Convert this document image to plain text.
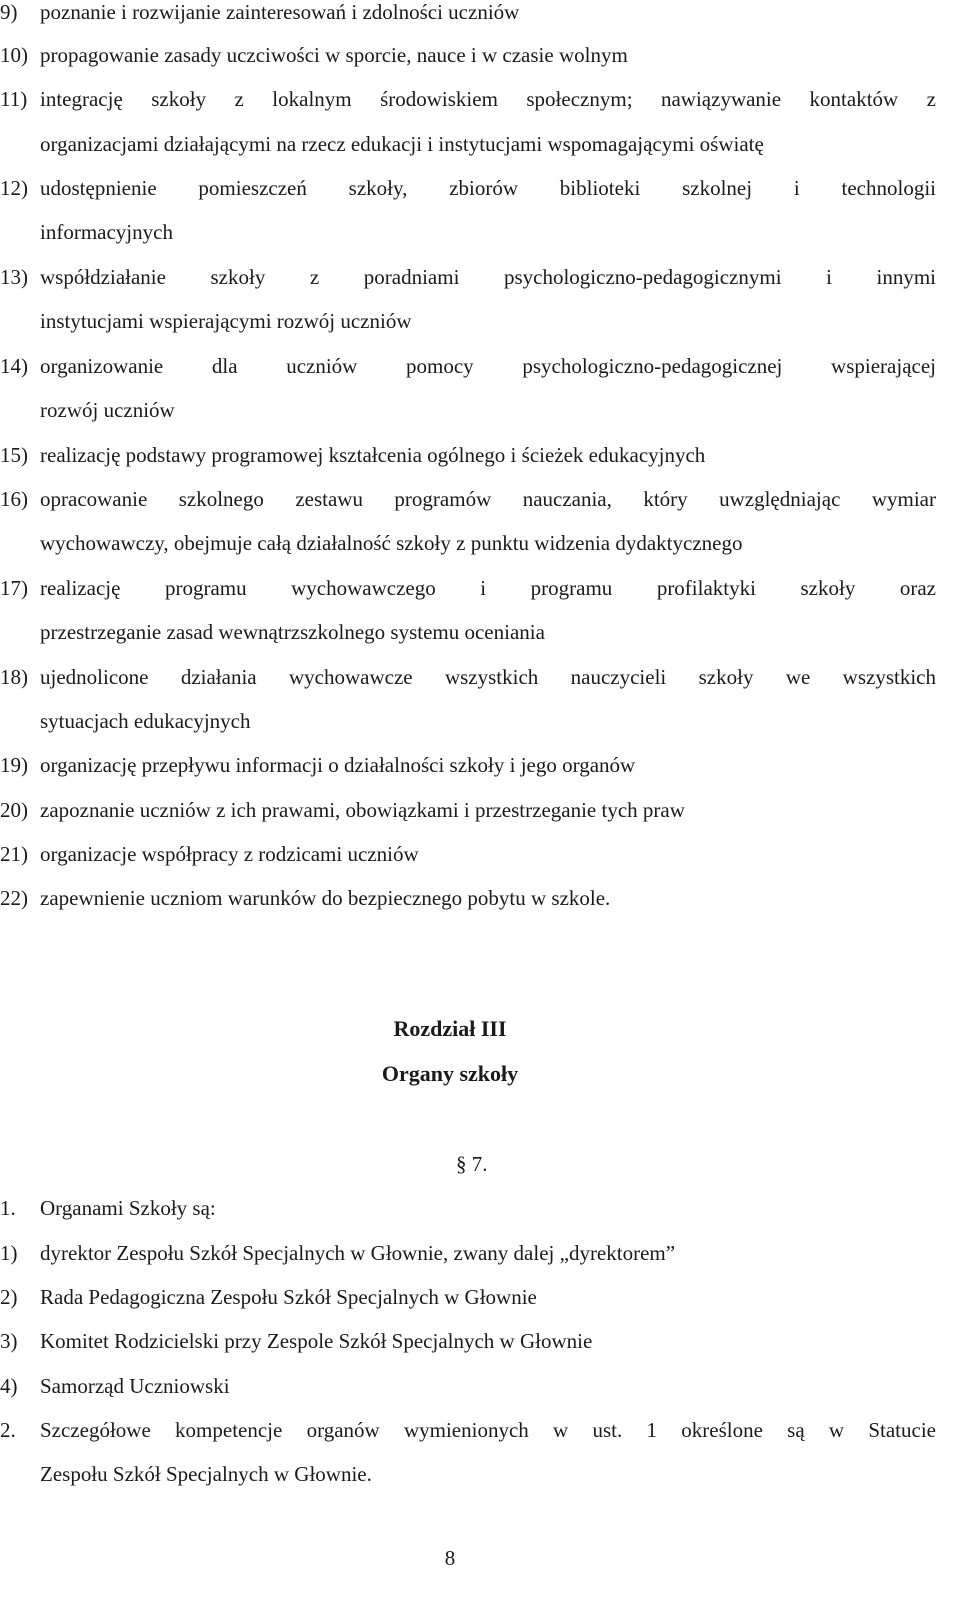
9) poznanie i rozwijanie zainteresowań i zdolności uczniów
10) propagowanie zasady uczciwości w sporcie, nauce i w czasie wolnym
11) integrację szkoły z lokalnym środowiskiem społecznym; nawiązywanie kontaktów z
organizacjami działającymi na rzecz edukacji i instytucjami wspomagającymi oświatę
12) udostępnienie pomieszczeń szkoły, zbiorów biblioteki szkolnej i technologii
informacyjnych
13) współdziałanie szkoły z poradniami psychologiczno-pedagogicznymi i innymi
instytucjami wspierającymi rozwój uczniów
14) organizowanie dla uczniów pomocy psychologiczno-pedagogicznej wspierającej
rozwój uczniów
15) realizację podstawy programowej kształcenia ogólnego i ścieżek edukacyjnych
16) opracowanie szkolnego zestawu programów nauczania, który uwzględniając wymiar
wychowawczy, obejmuje całą działalność szkoły z punktu widzenia dydaktycznego
17) realizację programu wychowawczego i programu profilaktyki szkoły oraz
przestrzeganie zasad wewnątrzszkolnego systemu oceniania
18) ujednolicone działania wychowawcze wszystkich nauczycieli szkoły we wszystkich
sytuacjach edukacyjnych
19) organizację przepływu informacji o działalności szkoły i jego organów
20) zapoznanie uczniów z ich prawami, obowiązkami i przestrzeganie tych praw
21) organizacje współpracy z rodzicami uczniów
22) zapewnienie uczniom warunków do bezpiecznego pobytu w szkole.
Rozdział III
Organy szkoły
§ 7.
1. Organami Szkoły są:
1) dyrektor Zespołu Szkół Specjalnych w Głownie, zwany dalej „dyrektorem”
2) Rada Pedagogiczna Zespołu Szkół Specjalnych w Głownie
3) Komitet Rodzicielski przy Zespole Szkół Specjalnych w Głownie
4) Samorząd Uczniowski
2. Szczegółowe kompetencje organów wymienionych w ust. 1 określone są w Statucie
Zespołu Szkół Specjalnych w Głownie.
8
